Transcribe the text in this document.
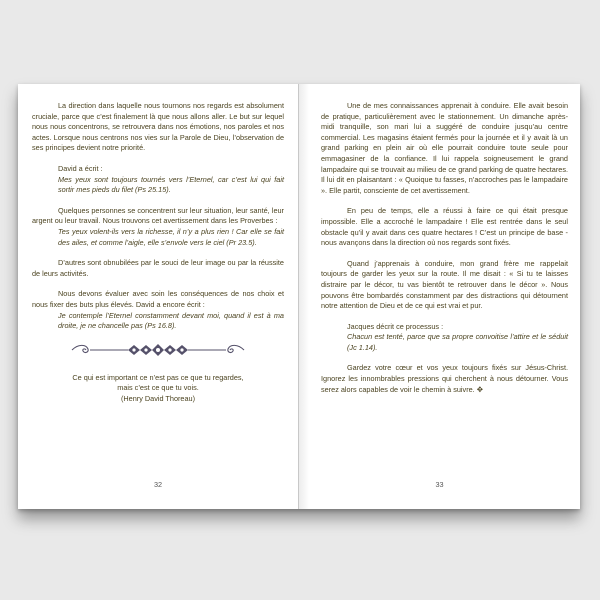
La direction dans laquelle nous tournons nos regards est absolument cruciale, parce que c’est finalement là que nous allons aller. Le but sur lequel nous nous concentrons, se retrouvera dans nos émotions, nos paroles et nos actes. Lorsque nous centrons nos vies sur la Parole de Dieu, l’observation de ses principes devient notre priorité.

David a écrit :

Mes yeux sont toujours tournés vers l’Eternel, car c’est lui qui fait sortir mes pieds du filet (Ps 25.15).

Quelques personnes se concentrent sur leur situation, leur santé, leur argent ou leur travail. Nous trouvons cet avertissement dans les Proverbes :

Tes yeux volent-ils vers la richesse, il n’y a plus rien ! Car elle se fait des ailes, et comme l’aigle, elle s’envole vers le ciel (Pr 23.5).

D’autres sont obnubilées par le souci de leur image ou par la réussite de leurs activités.

Nous devons évaluer avec soin les conséquences de nos choix et nous fixer des buts plus élevés. David a encore écrit :

Je contemple l’Eternel constamment devant moi, quand il est à ma droite, je ne chancelle pas (Ps 16.8).

Ce qui est important ce n’est pas ce que tu regardes,
mais c’est ce que tu vois.
(Henry David Thoreau)
32

Une de mes connaissances apprenait à conduire. Elle avait besoin de pratique, particulièrement avec le stationnement. Un dimanche après-midi tranquille, son mari lui a suggéré de conduire jusqu’au centre commercial. Les magasins étaient fermés pour la journée et il y avait là un grand parking en plein air où elle pourrait conduire toute seule pour emmagasiner de la confiance. Il lui rappela soigneusement le grand lampadaire qui se trouvait au milieu de ce grand parking de quatre hectares. Il lui dit en plaisantant : « Quoique tu fasses, n’accroches pas le lampadaire ». Elle partit, consciente de cet avertissement.

En peu de temps, elle a réussi à faire ce qui était presque impossible. Elle a accroché le lampadaire ! Elle est rentrée dans le seul obstacle qu’il y avait dans ces quatre hectares ! C’est un principe de base - nous avançons dans la direction où nos regards sont fixés.

Quand j’apprenais à conduire, mon grand frère me rappelait toujours de garder les yeux sur la route. Il me disait : « Si tu te laisses distraire par le décor, tu vas bientôt te retrouver dans le décor ». Nous pouvons être bombardés constamment par des distractions qui détournent notre attention de Dieu et de ce qui est vrai et pur.

Jacques décrit ce processus :

Chacun est tenté, parce que sa propre convoitise l’attire et le séduit (Jc 1.14).

Gardez votre cœur et vos yeux toujours fixés sur Jésus-Christ. Ignorez les innombrables pressions qui cherchent à nous détourner. Vous serez alors capables de voir le chemin à suivre. ✥

33
